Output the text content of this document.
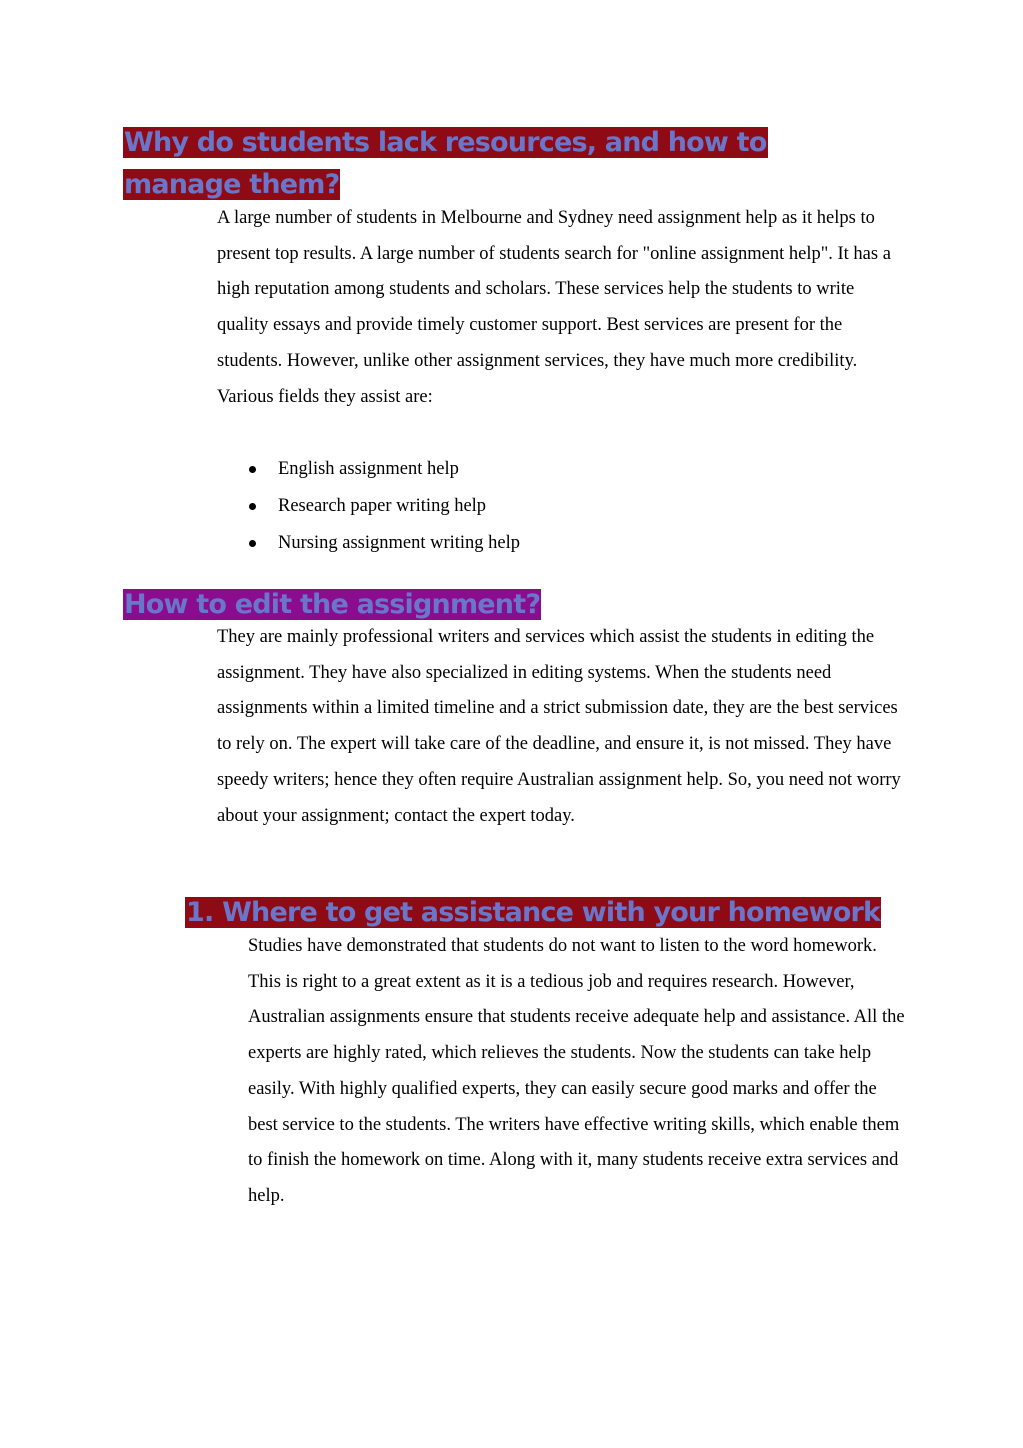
Why do students lack resources, and how to manage them?

A large number of students in Melbourne and Sydney need assignment help as it helps to present top results. A large number of students search for "online assignment help". It has a high reputation among students and scholars. These services help the students to write quality essays and provide timely customer support. Best services are present for the students. However, unlike other assignment services, they have much more credibility. Various fields they assist are:

English assignment help
Research paper writing help
Nursing assignment writing help
How to edit the assignment?

They are mainly professional writers and services which assist the students in editing the assignment. They have also specialized in editing systems. When the students need assignments within a limited timeline and a strict submission date, they are the best services to rely on. The expert will take care of the deadline, and ensure it, is not missed. They have speedy writers; hence they often require Australian assignment help. So, you need not worry about your assignment; contact the expert today.

1. Where to get assistance with your homework

Studies have demonstrated that students do not want to listen to the word homework. This is right to a great extent as it is a tedious job and requires research. However, Australian assignments ensure that students receive adequate help and assistance. All the experts are highly rated, which relieves the students. Now the students can take help easily. With highly qualified experts, they can easily secure good marks and offer the best service to the students. The writers have effective writing skills, which enable them to finish the homework on time. Along with it, many students receive extra services and help.
